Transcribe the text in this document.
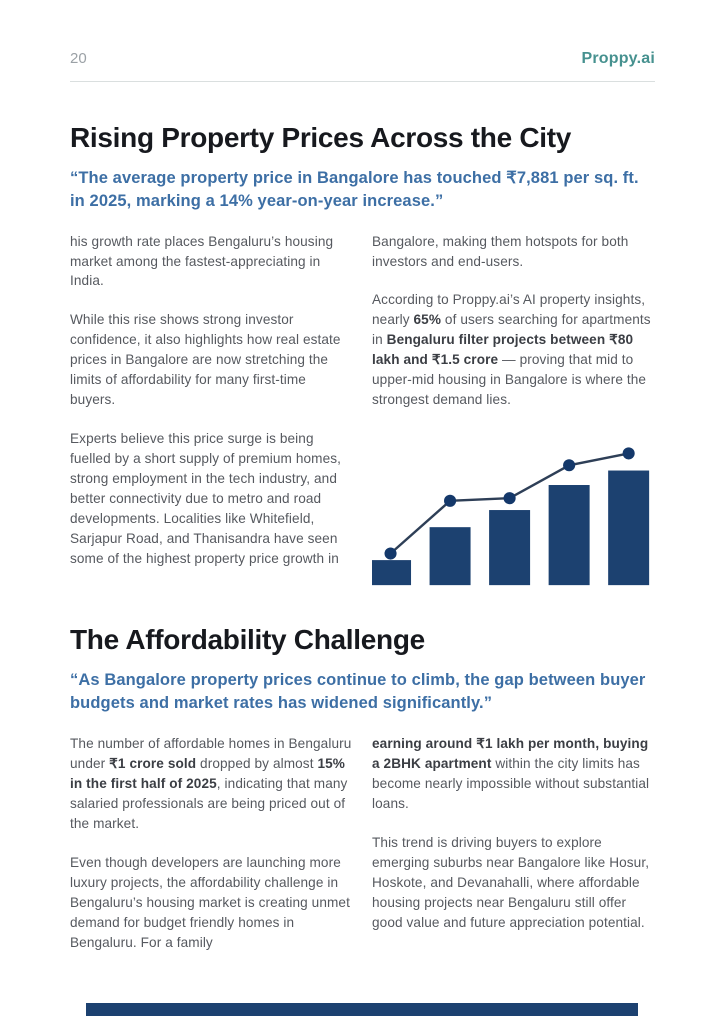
20	Proppy.ai
Rising Property Prices Across the City

“The average property price in Bangalore has touched ₹7,881 per sq. ft. in 2025, marking a 14% year-on-year increase.”

his growth rate places Bengaluru’s housing market among the fastest-appreciating in India.

While this rise shows strong investor confidence, it also highlights how real estate prices in Bangalore are now stretching the limits of affordability for many first-time buyers.

Experts believe this price surge is being fuelled by a short supply of premium homes, strong employment in the tech industry, and better connectivity due to metro and road developments. Localities like Whitefield, Sarjapur Road, and Thanisandra have seen some of the highest property price growth in

Bangalore, making them hotspots for both investors and end-users.

According to Proppy.ai’s AI property insights, nearly 65% of users searching for apartments in Bengaluru filter projects between ₹80 lakh and ₹1.5 crore — proving that mid to upper-mid housing in Bangalore is where the strongest demand lies.

The Affordability Challenge

“As Bangalore property prices continue to climb, the gap between buyer budgets and market rates has widened significantly.”

The number of affordable homes in Bengaluru under ₹1 crore sold dropped by almost 15% in the first half of 2025, indicating that many salaried professionals are being priced out of the market.

Even though developers are launching more luxury projects, the affordability challenge in Bengaluru’s housing market is creating unmet demand for budget friendly homes in Bengaluru. For a family

earning around ₹1 lakh per month, buying a 2BHK apartment within the city limits has become nearly impossible without substantial loans.

This trend is driving buyers to explore emerging suburbs near Bangalore like Hosur, Hoskote, and Devanahalli, where affordable housing projects near Bengaluru still offer good value and future appreciation potential.
